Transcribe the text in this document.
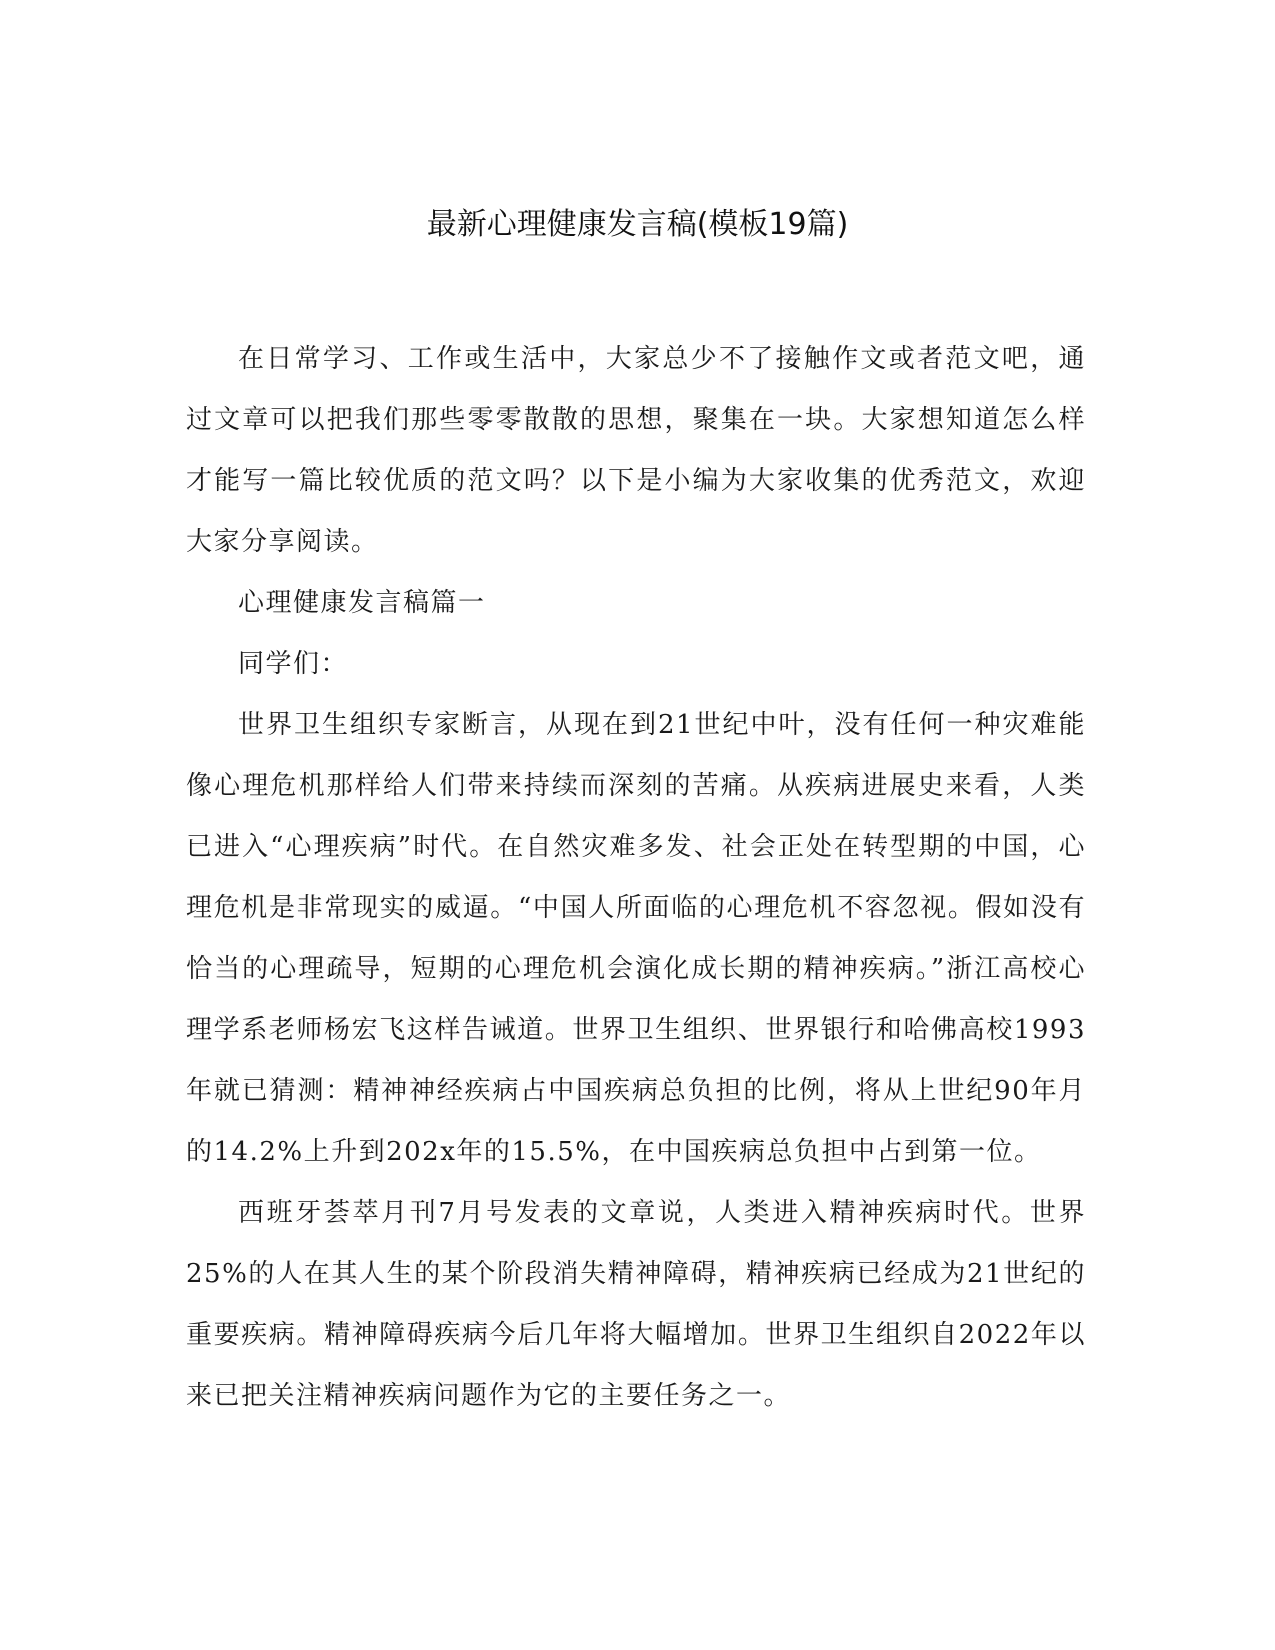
最新心理健康发言稿(模板19篇)

在日常学习、工作或生活中，大家总少不了接触作文或者范文吧，通过文章可以把我们那些零零散散的思想，聚集在一块。大家想知道怎么样才能写一篇比较优质的范文吗？以下是小编为大家收集的优秀范文，欢迎大家分享阅读。

心理健康发言稿篇一

同学们：

世界卫生组织专家断言，从现在到21世纪中叶，没有任何一种灾难能像心理危机那样给人们带来持续而深刻的苦痛。从疾病进展史来看，人类已进入“心理疾病”时代。在自然灾难多发、社会正处在转型期的中国，心理危机是非常现实的威逼。“中国人所面临的心理危机不容忽视。假如没有恰当的心理疏导，短期的心理危机会演化成长期的精神疾病。”浙江高校心理学系老师杨宏飞这样告诫道。世界卫生组织、世界银行和哈佛高校1993年就已猜测：精神神经疾病占中国疾病总负担的比例，将从上世纪90年月的14.2%上升到202x年的15.5%，在中国疾病总负担中占到第一位。

西班牙荟萃月刊7月号发表的文章说，人类进入精神疾病时代。世界25%的人在其人生的某个阶段消失精神障碍，精神疾病已经成为21世纪的重要疾病。精神障碍疾病今后几年将大幅增加。世界卫生组织自2022年以来已把关注精神疾病问题作为它的主要任务之一。
